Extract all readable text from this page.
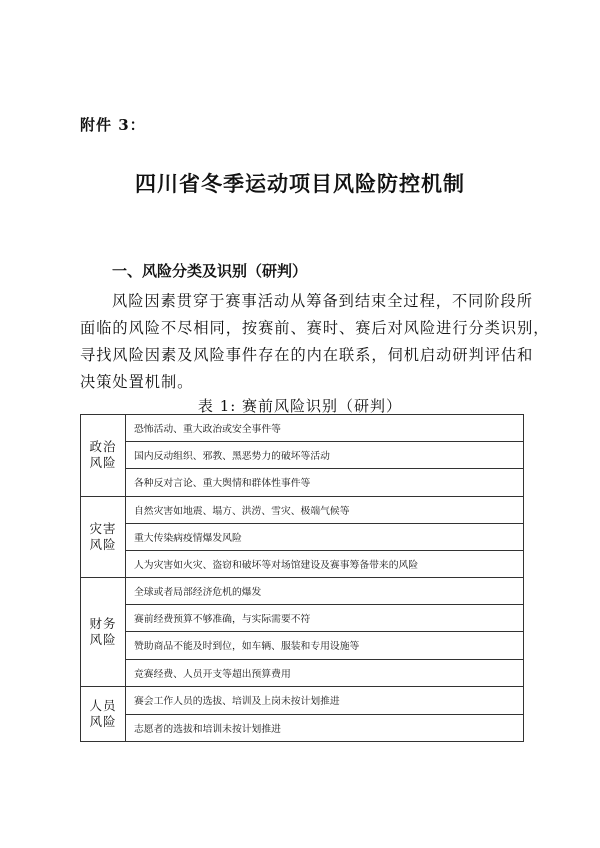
附件 3：
四川省冬季运动项目风险防控机制
一、风险分类及识别（研判）
风险因素贯穿于赛事活动从筹备到结束全过程，不同阶段所
面临的风险不尽相同，按赛前、赛时、赛后对风险进行分类识别，
寻找风险因素及风险事件存在的内在联系，伺机启动研判评估和
决策处置机制。
表 1: 赛前风险识别（研判）
政治
风险	恐怖活动、重大政治或安全事件等
	国内反动组织、邪教、黑恶势力的破坏等活动
	各种反对言论、重大舆情和群体性事件等

灾害
风险	自然灾害如地震、塌方、洪涝、雪灾、极端气候等
	重大传染病疫情爆发风险
	人为灾害如火灾、盗窃和破坏等对场馆建设及赛事筹备带来的风险

财务
风险	全球或者局部经济危机的爆发
	赛前经费预算不够准确，与实际需要不符
	赞助商品不能及时到位，如车辆、服装和专用设施等
	竞赛经费、人员开支等超出预算费用

人员
风险	赛会工作人员的选拔、培训及上岗未按计划推进
	志愿者的选拔和培训未按计划推进
